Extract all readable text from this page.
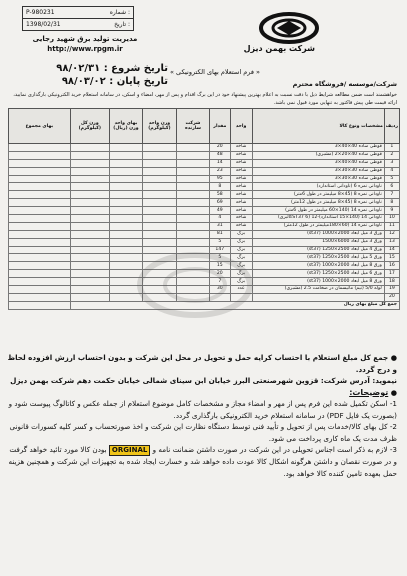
P-980231	شماره :
1398/02/31	تاریخ :
مدیریت تولید برق شهید رجایی
http://www.rpgm.ir	شرکت بهمن دیزل
تاریخ شروع : ۹۸/۰۲/۳۱
تاریخ پایان : ۹۸/۰۳/۰۲
« فرم استعلام بهای الکترونیکی »
شرکت/موسسه /فروشگاه محترم
خواهشمند است ضمن مطالعه شرایط ذیل با دقت نسبت به اعلام بهترین پیشنهاد خود در این برگ اقدام و پس از مهر، امضاء و اسکن، در سامانه استعلام خرید الکترونیکی بارگذاری نمایید، ارائه قیمت طی پیش فاکتور به تنهایی مورد قبول نمی باشد.
ردیف	مشخصات ونوع کالا	واحد	مقدار	شرکت سازنده	وزن واحد (کیلوگرم)	بهای واحد وزن (ریال)	وزن کل (کیلوگرم)	بهای مجموع
1	قوطی ساده 40×40×3	شاخه	20					
2	قوطی ساده 40×20×2 (مشبری)	شاخه	48					
3	قوطی ساده 40×40×3	شاخه	14					
4	قوطی ساده 30×30×3	شاخه	23					
5	قوطی ساده 30×30×3	شاخه	95					
6	ناودانی نمره 6 (ناودانی استاندارد)	شاخه	8					
7	ناودانی نمره 8 (45×8 میلیمتر در طول 6متر)	شاخه	58					
8	ناودانی نمره 8 (45×8 میلیمتر در طول 12متر)	شاخه	69					
9	ناودانی نمره 14 (140×60 میلیمتر در طول 6متر)	شاخه	49					
10	ناودانی 14 (140×15 استاندارد)-12 (ST37 6کالبری)	شاخه	4					
11	ناودانی نمره 14 (60×180میلیمتر در طول 12متر)	شاخه	31					
12	ورق 3 میل ابعاد 2000×1000 (st37)	برگ	81					
13	ورق 3 میل ابعاد 6000×1500	برگ	5					
14	ورق 4 میل ابعاد 2500×1250 (st37)	برگ	147					
15	ورق 5 میل ابعاد 2500×1250 (st37)	برگ	5					
16	ورق 8 میل ابعاد 2000×1000 (st37)	برگ	15					
17	ورق 6 میل ابعاد 2500×1250 (st37)	برگ	20					
18	ورق 8 میل ابعاد 2000×1000 (st37)	برگ	7					
19	لوله 5/0 (نیم) ماتیسمان در ضخامت 2.5 (مشبری)	عدد	30					
20								
جمع کل مبلغ بهای ریال								
● جمع کل مبلغ استعلام با احتساب کرایه حمل و تحویل در محل این شرکت و بدون احتساب ارزش افزوده لحاظ و درج گردد.
نیموید: آدرس شرکت: قزوین شهرصنعتی البرز خیابان ابن سینای شمالی خیابان حکمت دهم شرکت بهمن دیزل
● توضیحات:
1- اسکن تکمیل شده این فرم پس از مهر و امضاء مجاز و مشخصات کامل موضوع استعلام از جمله عکس و کاتالوگ پیوست شود و (بصورت یک فایل PDF) در سامانه استعلام خرید الکترونیکی بارگذاری گردد.
2- کل بهای کالا/خدمات پس از تحویل و تأیید فنی توسط دستگاه نظارت این شرکت و اخذ صورتحساب و کسر کلیه کسورات قانونی ظرف مدت یک ماه کاری پرداخت می شود.
3- لازم به ذکر است اجناس تحویلی در این شرکت در صورت داشتن ضمانت نامه و ORGINAL بودن کالا مورد تائید خواهد گرفت و در صورت نقصان و داشتن هرگونه اشکال کالا عودت داده خواهد شد و خسارت ایجاد شده به تجهیزات این شرکت و همچنین هزینه حمل بعهده تامین کننده کالا خواهد بود.
